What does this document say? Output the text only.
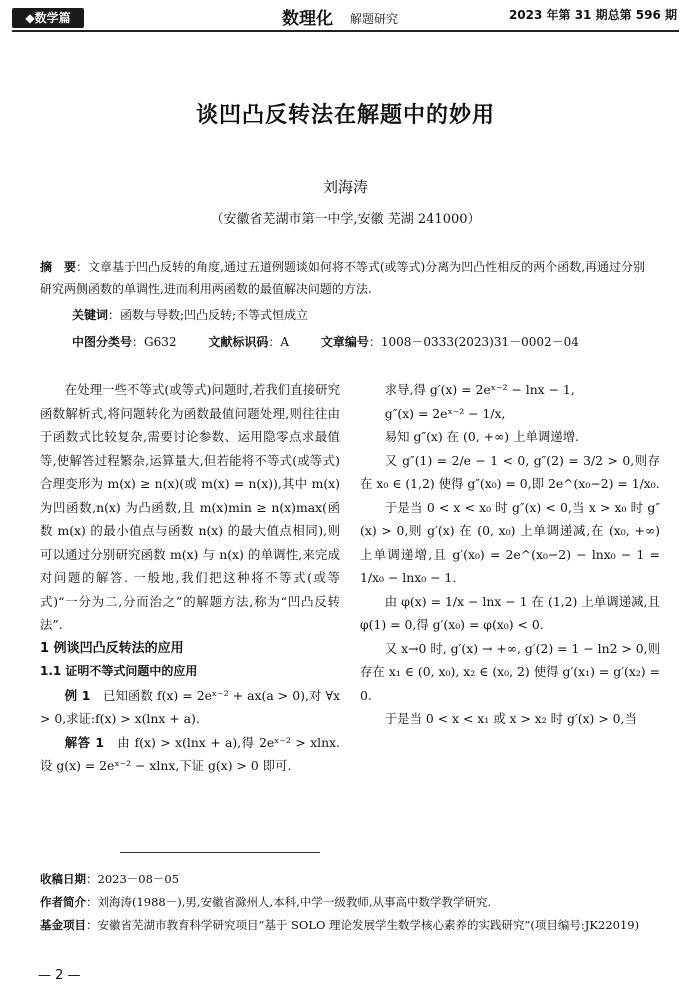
◆数学篇	数理化 解题研究	2023 年第 31 期总第 596 期
谈凹凸反转法在解题中的妙用
刘海涛
（安徽省芜湖市第一中学,安徽 芜湖 241000）
摘　要：文章基于凹凸反转的角度,通过五道例题谈如何将不等式(或等式)分离为凹凸性相反的两个函数,再通过分别研究两侧函数的单调性,进而利用两函数的最值解决问题的方法.
关键词：函数与导数;凹凸反转;不等式恒成立
中图分类号：G632	文献标识码：A	文章编号：1008－0333(2023)31－0002－04

在处理一些不等式(或等式)问题时,若我们直接研究函数解析式,将问题转化为函数最值问题处理,则往往由于函数式比较复杂,需要讨论参数、运用隐零点求最值等,使解答过程繁杂,运算量大,但若能将不等式(或等式)合理变形为 m(x) ≥ n(x)(或 m(x) = n(x)),其中 m(x) 为凹函数,n(x) 为凸函数,且 m(x)min ≥ n(x)max(函数 m(x) 的最小值点与函数 n(x) 的最大值点相同),则可以通过分别研究函数 m(x) 与 n(x) 的单调性,来完成对问题的解答. 一般地,我们把这种将不等式(或等式)“一分为二,分而治之”的解题方法,称为“凹凸反转法”.

1 例谈凹凸反转法的应用

1.1 证明不等式问题中的应用

例 1　已知函数 f(x) = 2eˣ⁻² + ax(a > 0),对 ∀x > 0,求证:f(x) > x(lnx + a).

解答 1　由 f(x) > x(lnx + a),得 2eˣ⁻² > xlnx. 设 g(x) = 2eˣ⁻² − xlnx,下证 g(x) > 0 即可.

求导,得 g′(x) = 2eˣ⁻² − lnx − 1,

g″(x) = 2eˣ⁻² − 1/x,

易知 g″(x) 在 (0, +∞) 上单调递增.

又 g″(1) = 2/e − 1 < 0, g″(2) = 3/2 > 0,则存在 x₀ ∈ (1,2) 使得 g″(x₀) = 0,即 2e^(x₀−2) = 1/x₀.

于是当 0 < x < x₀ 时 g″(x) < 0,当 x > x₀ 时 g″(x) > 0,则 g′(x) 在 (0, x₀) 上单调递减,在 (x₀, +∞) 上单调递增,且 g′(x₀) = 2e^(x₀−2) − lnx₀ − 1 = 1/x₀ − lnx₀ − 1.

由 φ(x) = 1/x − lnx − 1 在 (1,2) 上单调递减,且 φ(1) = 0,得 g′(x₀) = φ(x₀) < 0.

又 x→0 时, g′(x) → +∞, g′(2) = 1 − ln2 > 0,则存在 x₁ ∈ (0, x₀), x₂ ∈ (x₀, 2) 使得 g′(x₁) = g′(x₂) = 0.

于是当 0 < x < x₁ 或 x > x₂ 时 g′(x) > 0,当

收稿日期：2023－08－05
作者简介：刘海涛(1988－),男,安徽省滁州人,本科,中学一级教师,从事高中数学教学研究.
基金项目：安徽省芜湖市教育科学研究项目“基于 SOLO 理论发展学生数学核心素养的实践研究”(项目编号:JK22019)
— 2 —
